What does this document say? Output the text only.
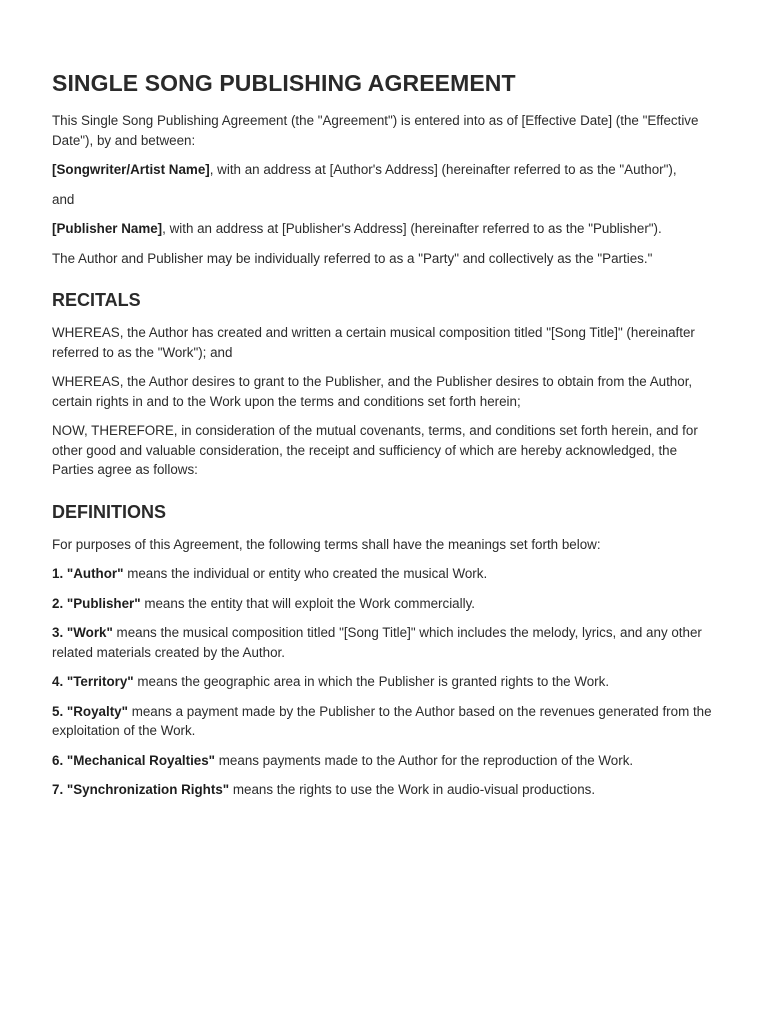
SINGLE SONG PUBLISHING AGREEMENT

This Single Song Publishing Agreement (the "Agreement") is entered into as of [Effective Date] (the "Effective Date"), by and between:

[Songwriter/Artist Name], with an address at [Author's Address] (hereinafter referred to as the "Author"),

and

[Publisher Name], with an address at [Publisher's Address] (hereinafter referred to as the "Publisher").

The Author and Publisher may be individually referred to as a "Party" and collectively as the "Parties."

RECITALS

WHEREAS, the Author has created and written a certain musical composition titled "[Song Title]" (hereinafter referred to as the "Work"); and

WHEREAS, the Author desires to grant to the Publisher, and the Publisher desires to obtain from the Author, certain rights in and to the Work upon the terms and conditions set forth herein;

NOW, THEREFORE, in consideration of the mutual covenants, terms, and conditions set forth herein, and for other good and valuable consideration, the receipt and sufficiency of which are hereby acknowledged, the Parties agree as follows:

DEFINITIONS

For purposes of this Agreement, the following terms shall have the meanings set forth below:

1. "Author" means the individual or entity who created the musical Work.

2. "Publisher" means the entity that will exploit the Work commercially.

3. "Work" means the musical composition titled "[Song Title]" which includes the melody, lyrics, and any other related materials created by the Author.

4. "Territory" means the geographic area in which the Publisher is granted rights to the Work.

5. "Royalty" means a payment made by the Publisher to the Author based on the revenues generated from the exploitation of the Work.

6. "Mechanical Royalties" means payments made to the Author for the reproduction of the Work.

7. "Synchronization Rights" means the rights to use the Work in audio-visual productions.
